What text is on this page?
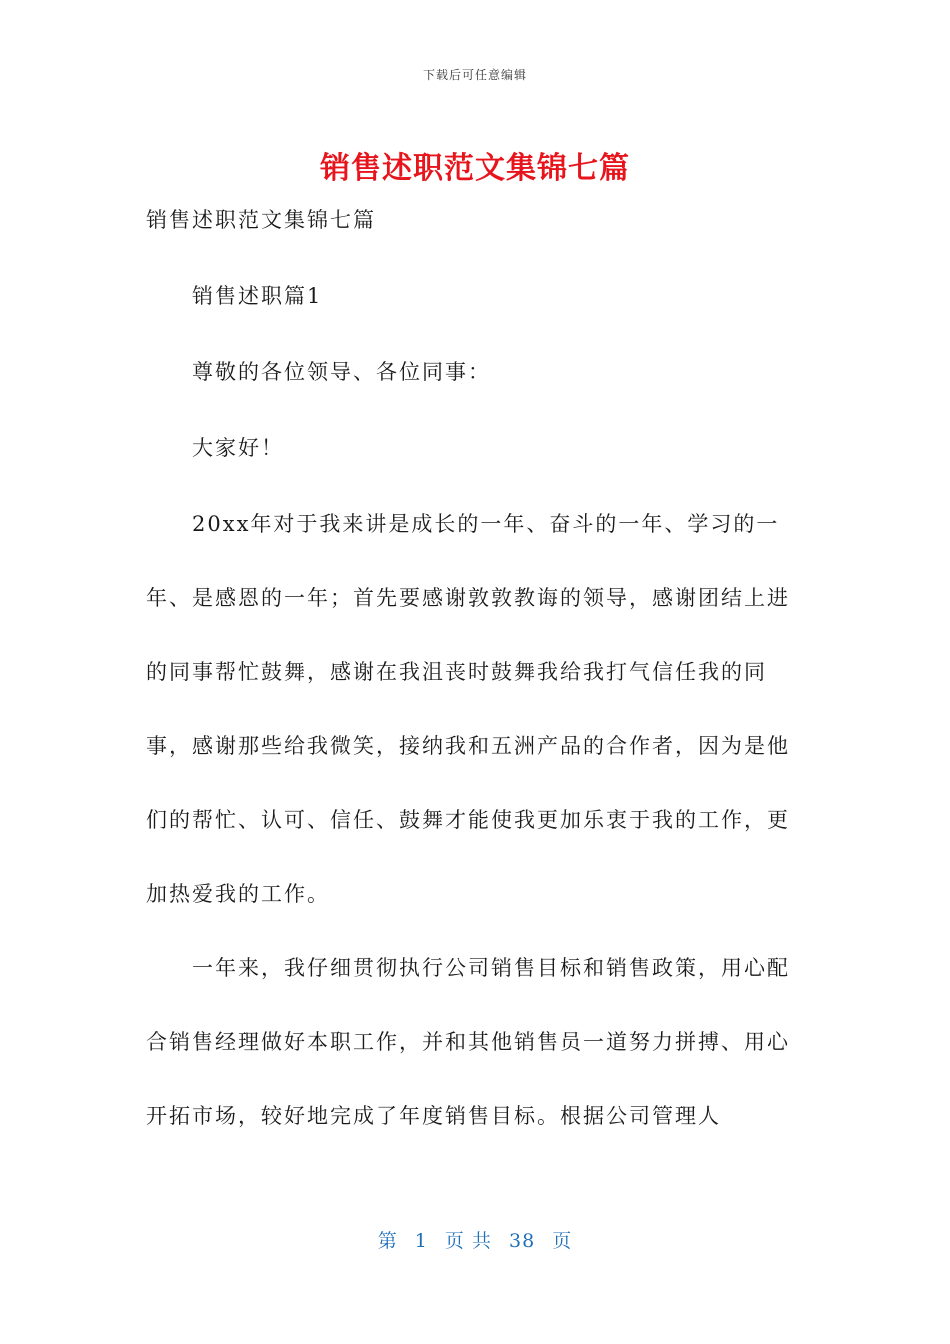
下载后可任意编辑
销售述职范文集锦七篇

销售述职范文集锦七篇

销售述职篇1

尊敬的各位领导、各位同事：

大家好！

20xx年对于我来讲是成长的一年、奋斗的一年、学习的一年、是感恩的一年；首先要感谢敦敦教诲的领导，感谢团结上进的同事帮忙鼓舞，感谢在我沮丧时鼓舞我给我打气信任我的同事，感谢那些给我微笑，接纳我和五洲产品的合作者，因为是他们的帮忙、认可、信任、鼓舞才能使我更加乐衷于我的工作，更加热爱我的工作。

一年来，我仔细贯彻执行公司销售目标和销售政策，用心配合销售经理做好本职工作，并和其他销售员一道努力拼搏、用心开拓市场，较好地完成了年度销售目标。根据公司管理人

第 1 页 共 38 页
